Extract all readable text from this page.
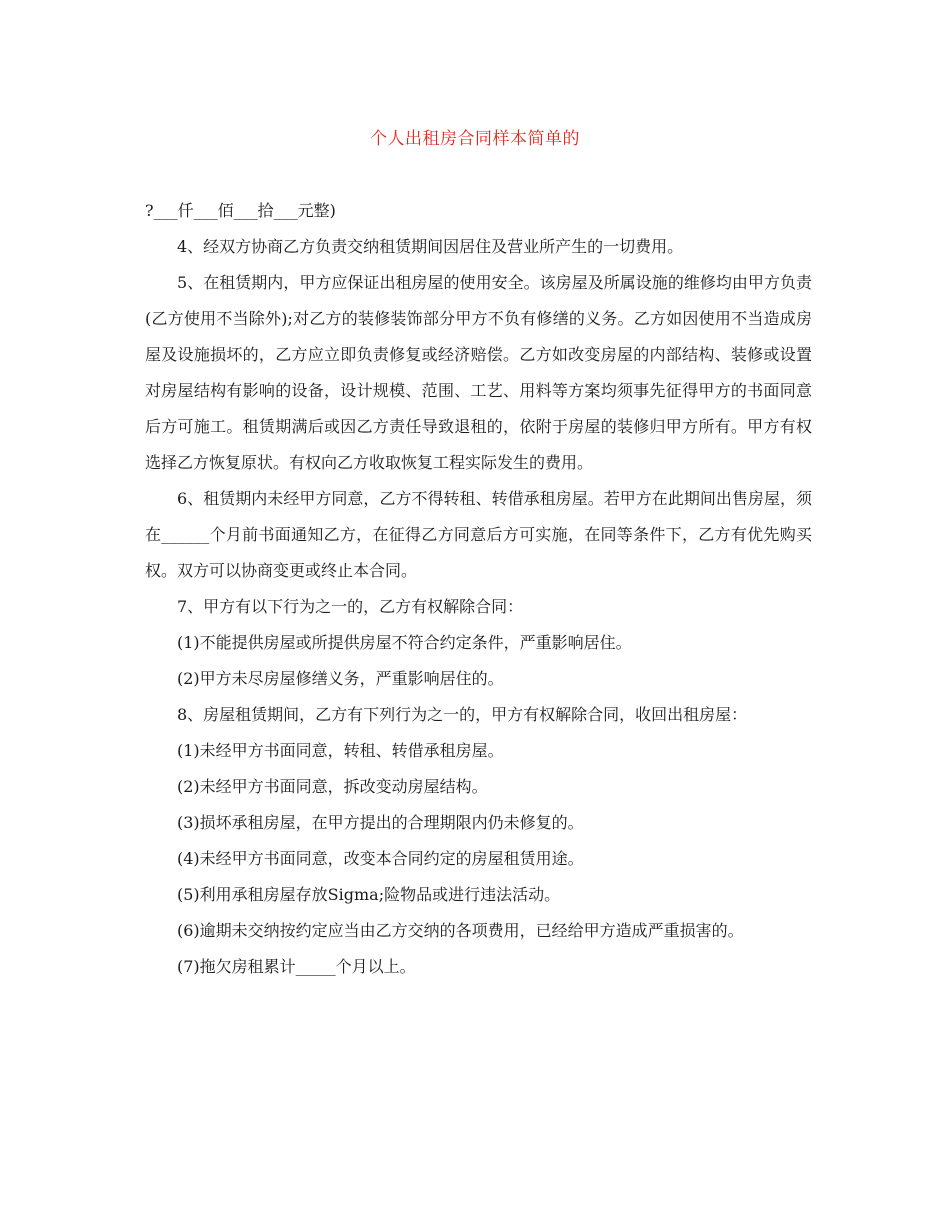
个人出租房合同样本简单的

?___仟___佰___拾___元整)

4、经双方协商乙方负责交纳租赁期间因居住及营业所产生的一切费用。

5、在租赁期内，甲方应保证出租房屋的使用安全。该房屋及所属设施的维修均由甲方负责(乙方使用不当除外);对乙方的装修装饰部分甲方不负有修缮的义务。乙方如因使用不当造成房屋及设施损坏的，乙方应立即负责修复或经济赔偿。乙方如改变房屋的内部结构、装修或设置对房屋结构有影响的设备，设计规模、范围、工艺、用料等方案均须事先征得甲方的书面同意后方可施工。租赁期满后或因乙方责任导致退租的，依附于房屋的装修归甲方所有。甲方有权选择乙方恢复原状。有权向乙方收取恢复工程实际发生的费用。

6、租赁期内未经甲方同意，乙方不得转租、转借承租房屋。若甲方在此期间出售房屋，须在______个月前书面通知乙方，在征得乙方同意后方可实施，在同等条件下，乙方有优先购买权。双方可以协商变更或终止本合同。

7、甲方有以下行为之一的，乙方有权解除合同：

(1)不能提供房屋或所提供房屋不符合约定条件，严重影响居住。

(2)甲方未尽房屋修缮义务，严重影响居住的。

8、房屋租赁期间，乙方有下列行为之一的，甲方有权解除合同，收回出租房屋：

(1)未经甲方书面同意，转租、转借承租房屋。

(2)未经甲方书面同意，拆改变动房屋结构。

(3)损坏承租房屋，在甲方提出的合理期限内仍未修复的。

(4)未经甲方书面同意，改变本合同约定的房屋租赁用途。

(5)利用承租房屋存放Sigma;险物品或进行违法活动。

(6)逾期未交纳按约定应当由乙方交纳的各项费用，已经给甲方造成严重损害的。

(7)拖欠房租累计_____个月以上。
